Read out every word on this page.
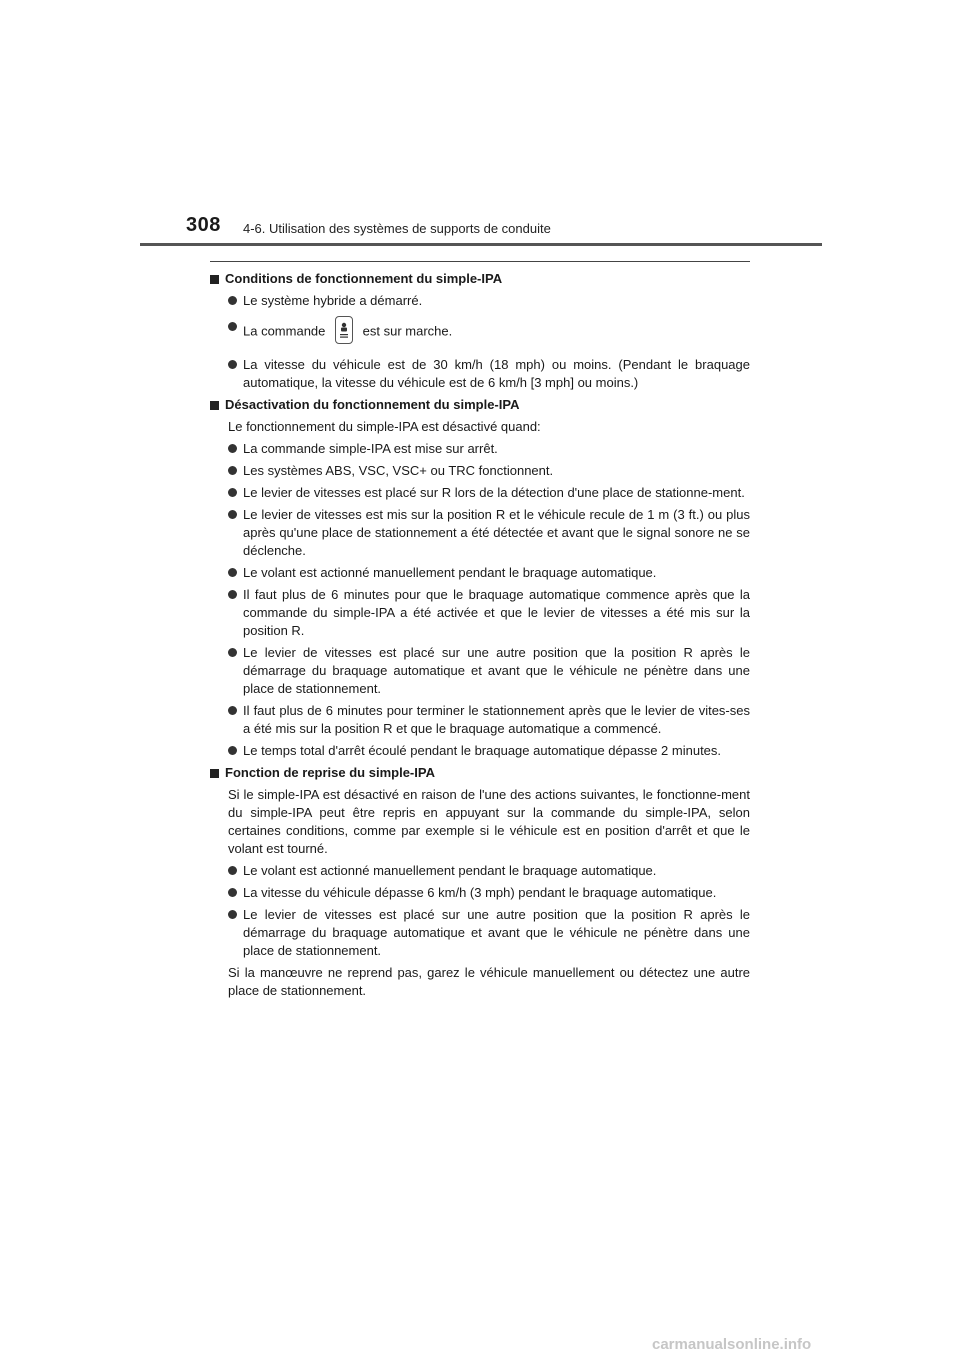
308 4-6. Utilisation des systèmes de supports de conduite
Conditions de fonctionnement du simple-IPA
Le système hybride a démarré.
La commande	est sur marche.
La vitesse du véhicule est de 30 km/h (18 mph) ou moins. (Pendant le braquage automatique, la vitesse du véhicule est de 6 km/h [3 mph] ou moins.)
Désactivation du fonctionnement du simple-IPA
Le fonctionnement du simple-IPA est désactivé quand:
La commande simple-IPA est mise sur arrêt.
Les systèmes ABS, VSC, VSC+ ou TRC fonctionnent.
Le levier de vitesses est placé sur R lors de la détection d'une place de stationne-ment.
Le levier de vitesses est mis sur la position R et le véhicule recule de 1 m (3 ft.) ou plus après qu'une place de stationnement a été détectée et avant que le signal sonore ne se déclenche.
Le volant est actionné manuellement pendant le braquage automatique.
Il faut plus de 6 minutes pour que le braquage automatique commence après que la commande du simple-IPA a été activée et que le levier de vitesses a été mis sur la position R.
Le levier de vitesses est placé sur une autre position que la position R après le démarrage du braquage automatique et avant que le véhicule ne pénètre dans une place de stationnement.
Il faut plus de 6 minutes pour terminer le stationnement après que le levier de vites-ses a été mis sur la position R et que le braquage automatique a commencé.
Le temps total d'arrêt écoulé pendant le braquage automatique dépasse 2 minutes.
Fonction de reprise du simple-IPA
Si le simple-IPA est désactivé en raison de l'une des actions suivantes, le fonctionne-ment du simple-IPA peut être repris en appuyant sur la commande du simple-IPA, selon certaines conditions, comme par exemple si le véhicule est en position d'arrêt et que le volant est tourné.
Le volant est actionné manuellement pendant le braquage automatique.
La vitesse du véhicule dépasse 6 km/h (3 mph) pendant le braquage automatique.
Le levier de vitesses est placé sur une autre position que la position R après le démarrage du braquage automatique et avant que le véhicule ne pénètre dans une place de stationnement.
Si la manœuvre ne reprend pas, garez le véhicule manuellement ou détectez une autre place de stationnement.
carmanualsonline.info
